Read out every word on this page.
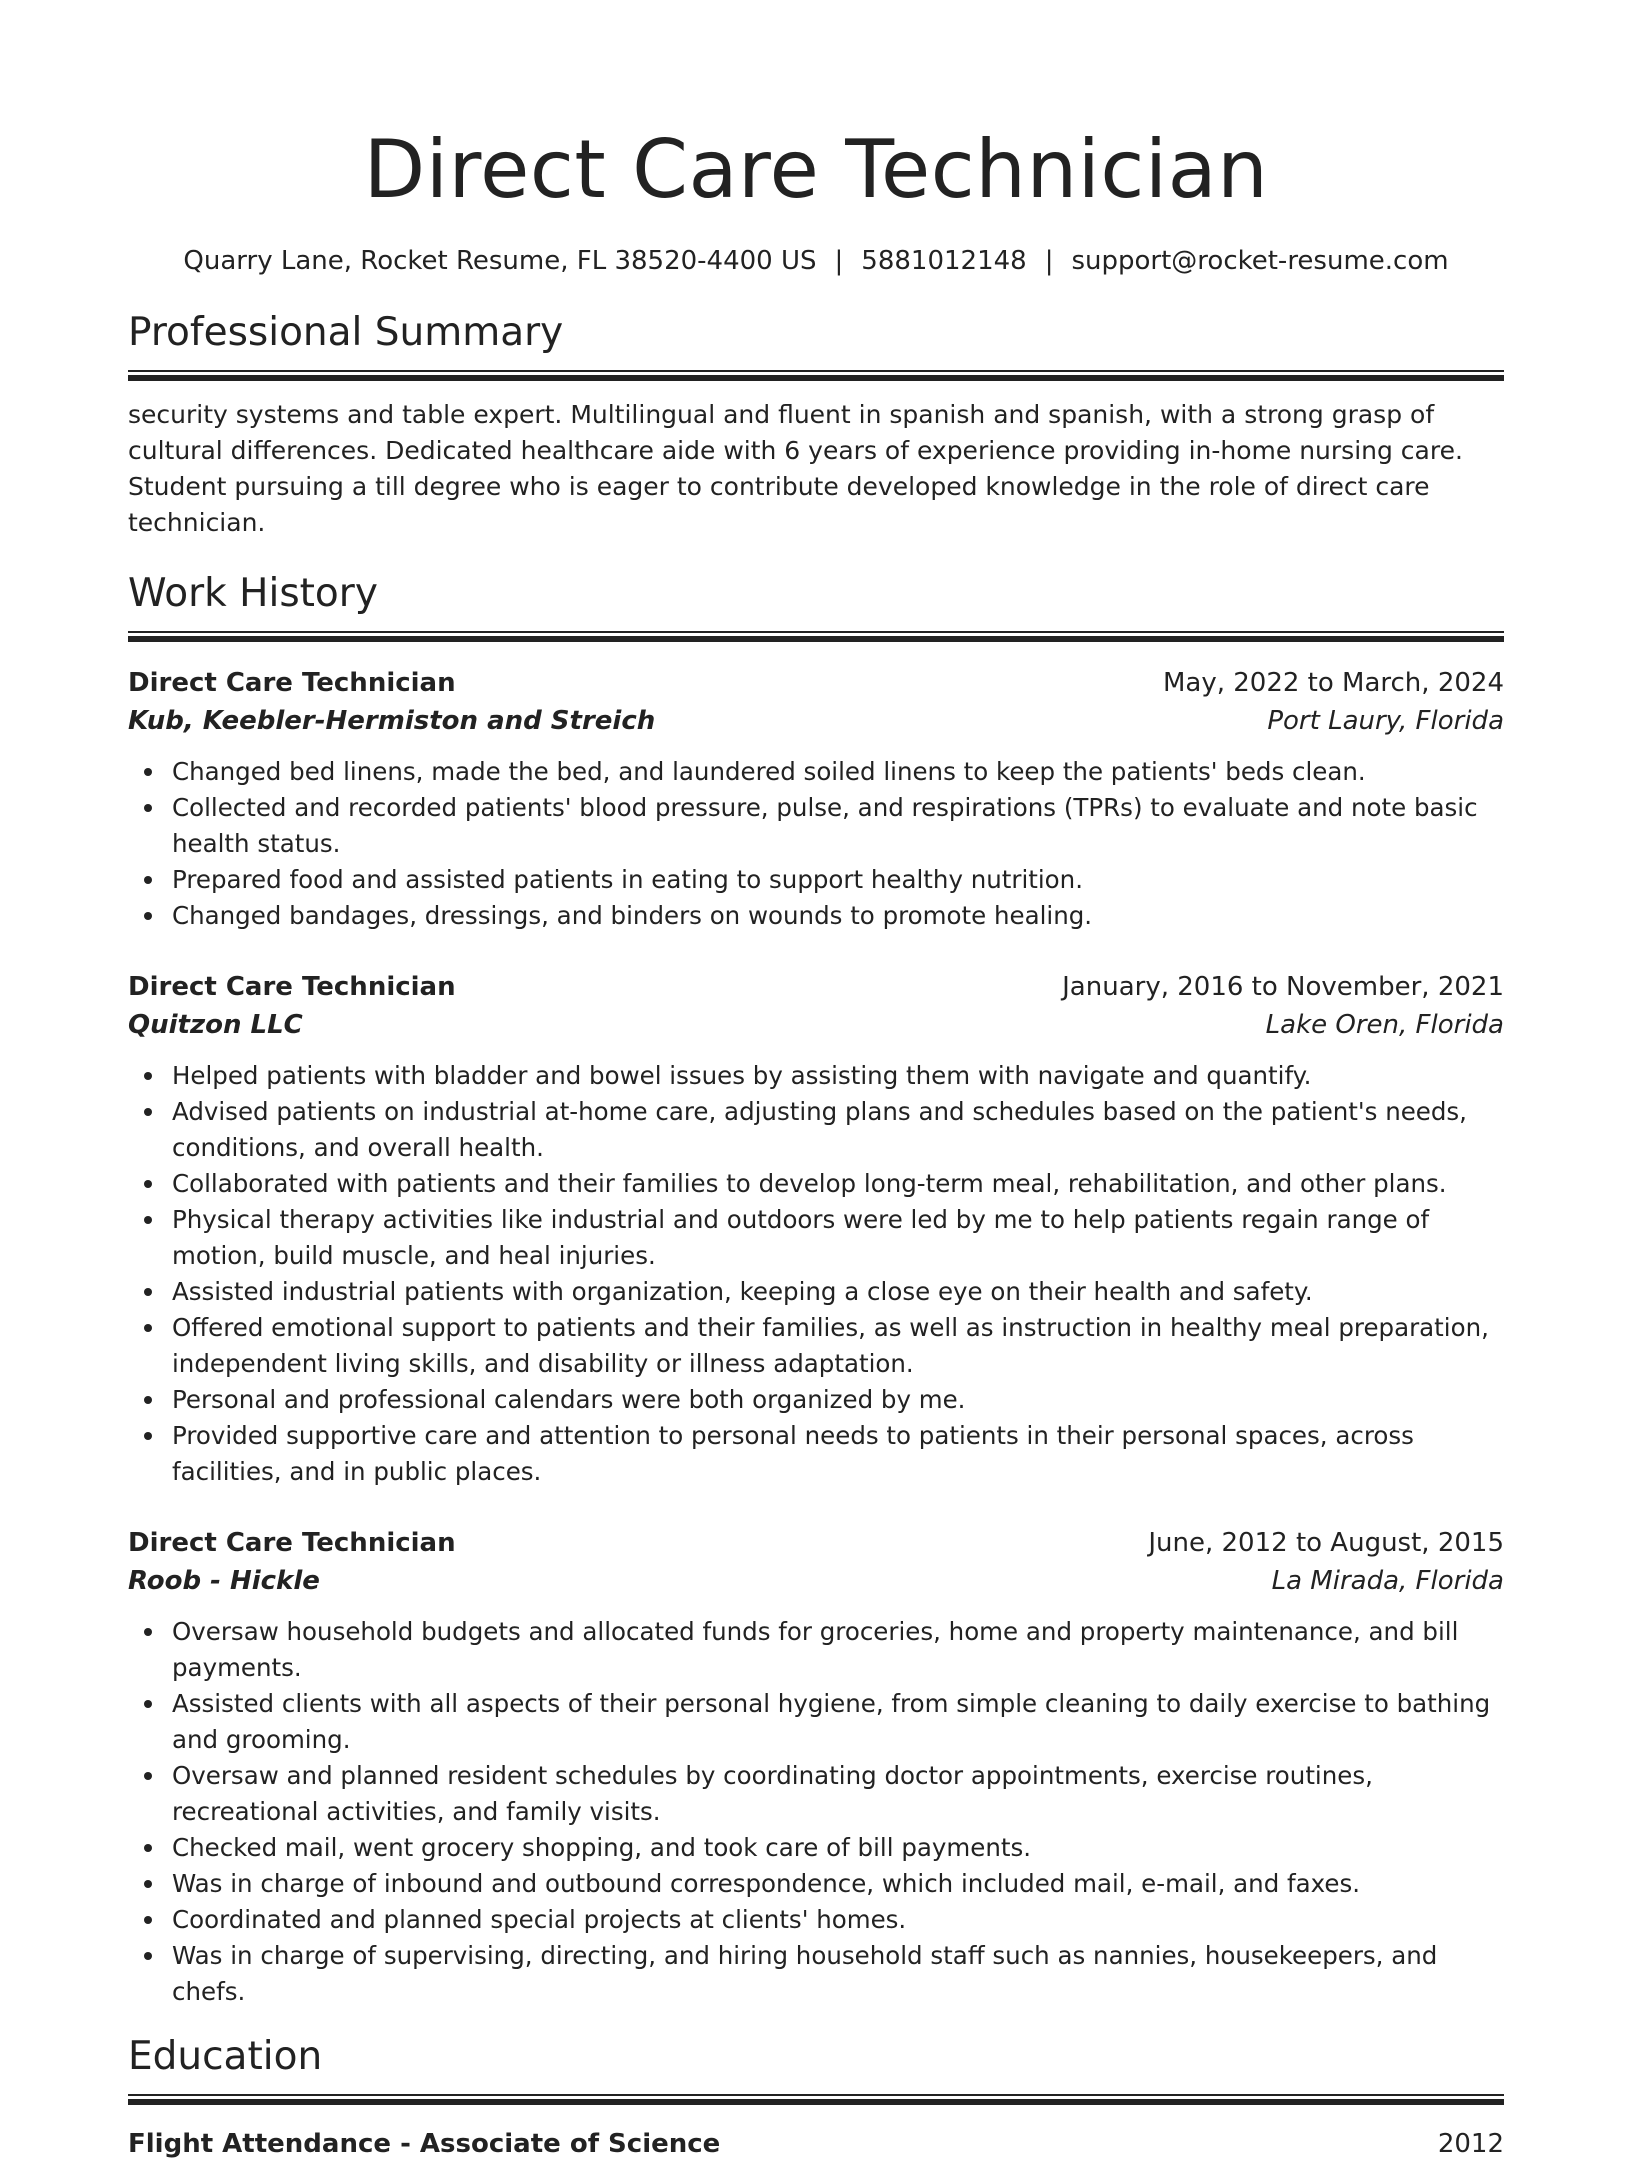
Direct Care Technician
Quarry Lane, Rocket Resume, FL 38520-4400 US | 5881012148 | support@rocket-resume.com
Professional Summary
security systems and table expert. Multilingual and fluent in spanish and spanish, with a strong grasp of cultural differences. Dedicated healthcare aide with 6 years of experience providing in-home nursing care. Student pursuing a till degree who is eager to contribute developed knowledge in the role of direct care technician.
Work History
Direct Care Technician	May, 2022 to March, 2024
Kub, Keebler-Hermiston and Streich	Port Laury, Florida
Changed bed linens, made the bed, and laundered soiled linens to keep the patients' beds clean.
Collected and recorded patients' blood pressure, pulse, and respirations (TPRs) to evaluate and note basic health status.
Prepared food and assisted patients in eating to support healthy nutrition.
Changed bandages, dressings, and binders on wounds to promote healing.
Direct Care Technician	January, 2016 to November, 2021
Quitzon LLC	Lake Oren, Florida
Helped patients with bladder and bowel issues by assisting them with navigate and quantify.
Advised patients on industrial at-home care, adjusting plans and schedules based on the patient's needs, conditions, and overall health.
Collaborated with patients and their families to develop long-term meal, rehabilitation, and other plans.
Physical therapy activities like industrial and outdoors were led by me to help patients regain range of motion, build muscle, and heal injuries.
Assisted industrial patients with organization, keeping a close eye on their health and safety.
Offered emotional support to patients and their families, as well as instruction in healthy meal preparation, independent living skills, and disability or illness adaptation.
Personal and professional calendars were both organized by me.
Provided supportive care and attention to personal needs to patients in their personal spaces, across facilities, and in public places.
Direct Care Technician	June, 2012 to August, 2015
Roob - Hickle	La Mirada, Florida
Oversaw household budgets and allocated funds for groceries, home and property maintenance, and bill payments.
Assisted clients with all aspects of their personal hygiene, from simple cleaning to daily exercise to bathing and grooming.
Oversaw and planned resident schedules by coordinating doctor appointments, exercise routines, recreational activities, and family visits.
Checked mail, went grocery shopping, and took care of bill payments.
Was in charge of inbound and outbound correspondence, which included mail, e-mail, and faxes.
Coordinated and planned special projects at clients' homes.
Was in charge of supervising, directing, and hiring household staff such as nannies, housekeepers, and chefs.
Education
Flight Attendance - Associate of Science	2012
